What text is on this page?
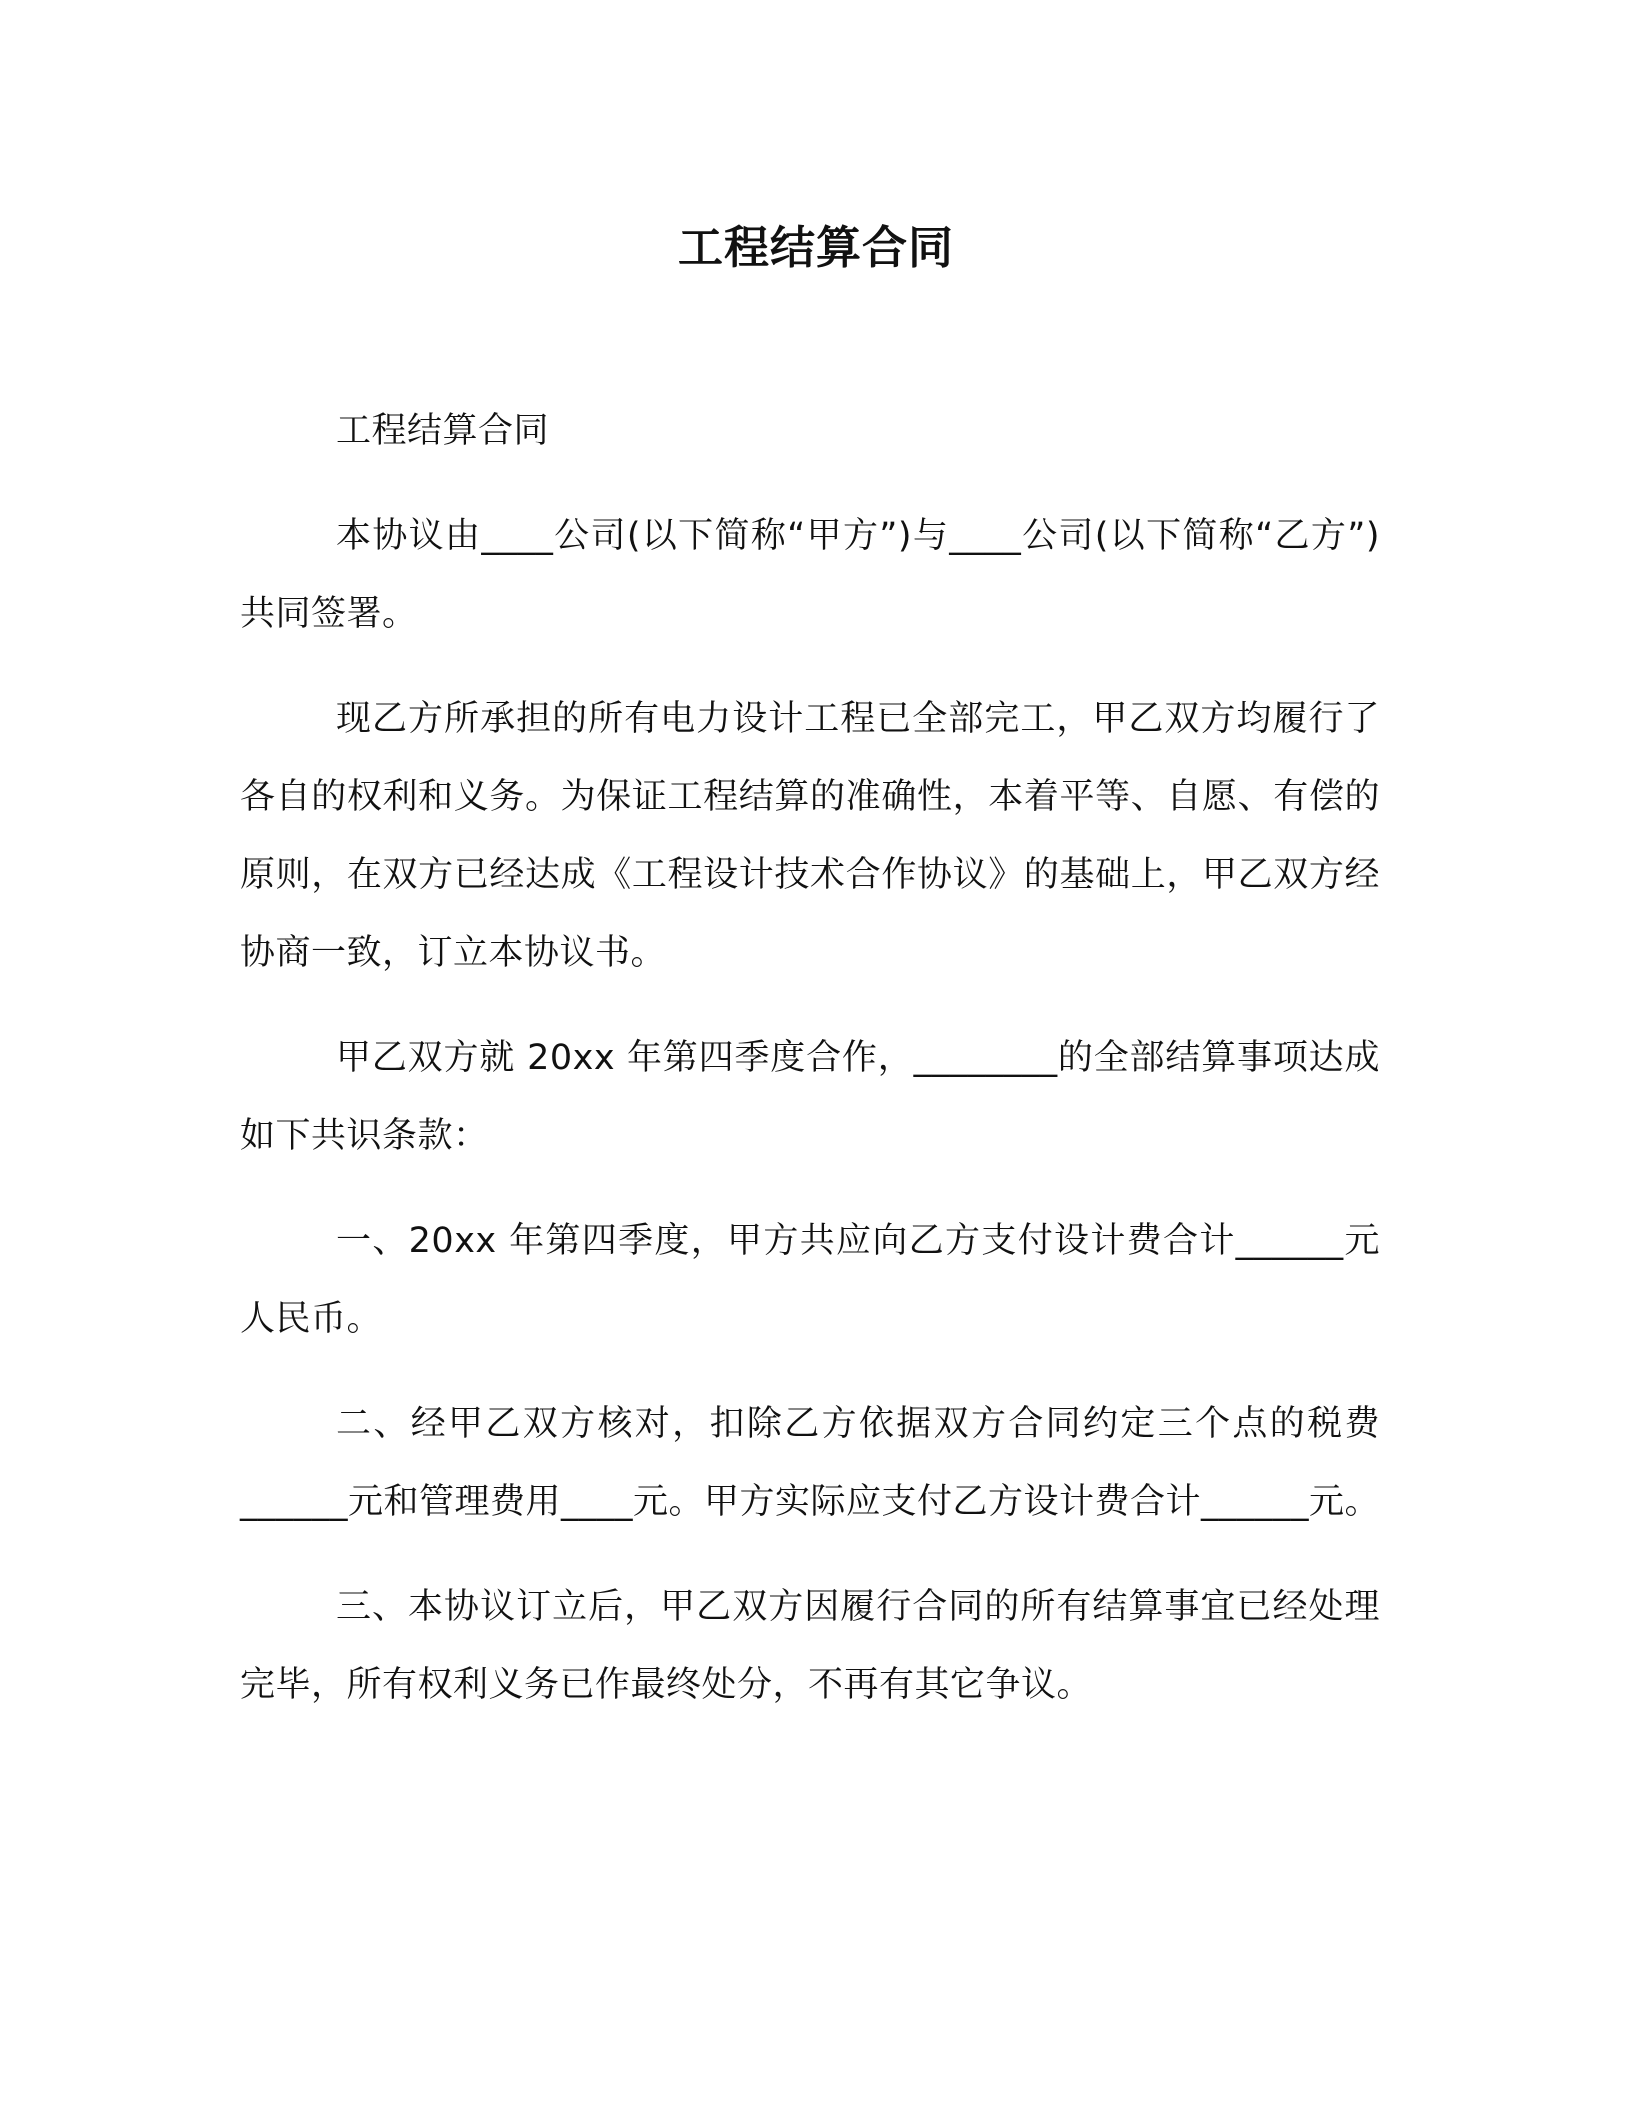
工程结算合同

工程结算合同

本协议由____公司(以下简称“甲方”)与____公司(以下简称“乙方”)共同签署。

现乙方所承担的所有电力设计工程已全部完工，甲乙双方均履行了各自的权利和义务。为保证工程结算的准确性，本着平等、自愿、有偿的原则，在双方已经达成《工程设计技术合作协议》的基础上，甲乙双方经协商一致，订立本协议书。

甲乙双方就 20xx 年第四季度合作，________的全部结算事项达成如下共识条款：

一、20xx 年第四季度，甲方共应向乙方支付设计费合计______元人民币。

二、经甲乙双方核对，扣除乙方依据双方合同约定三个点的税费______元和管理费用____元。甲方实际应支付乙方设计费合计______元。

三、本协议订立后，甲乙双方因履行合同的所有结算事宜已经处理完毕，所有权利义务已作最终处分，不再有其它争议。
